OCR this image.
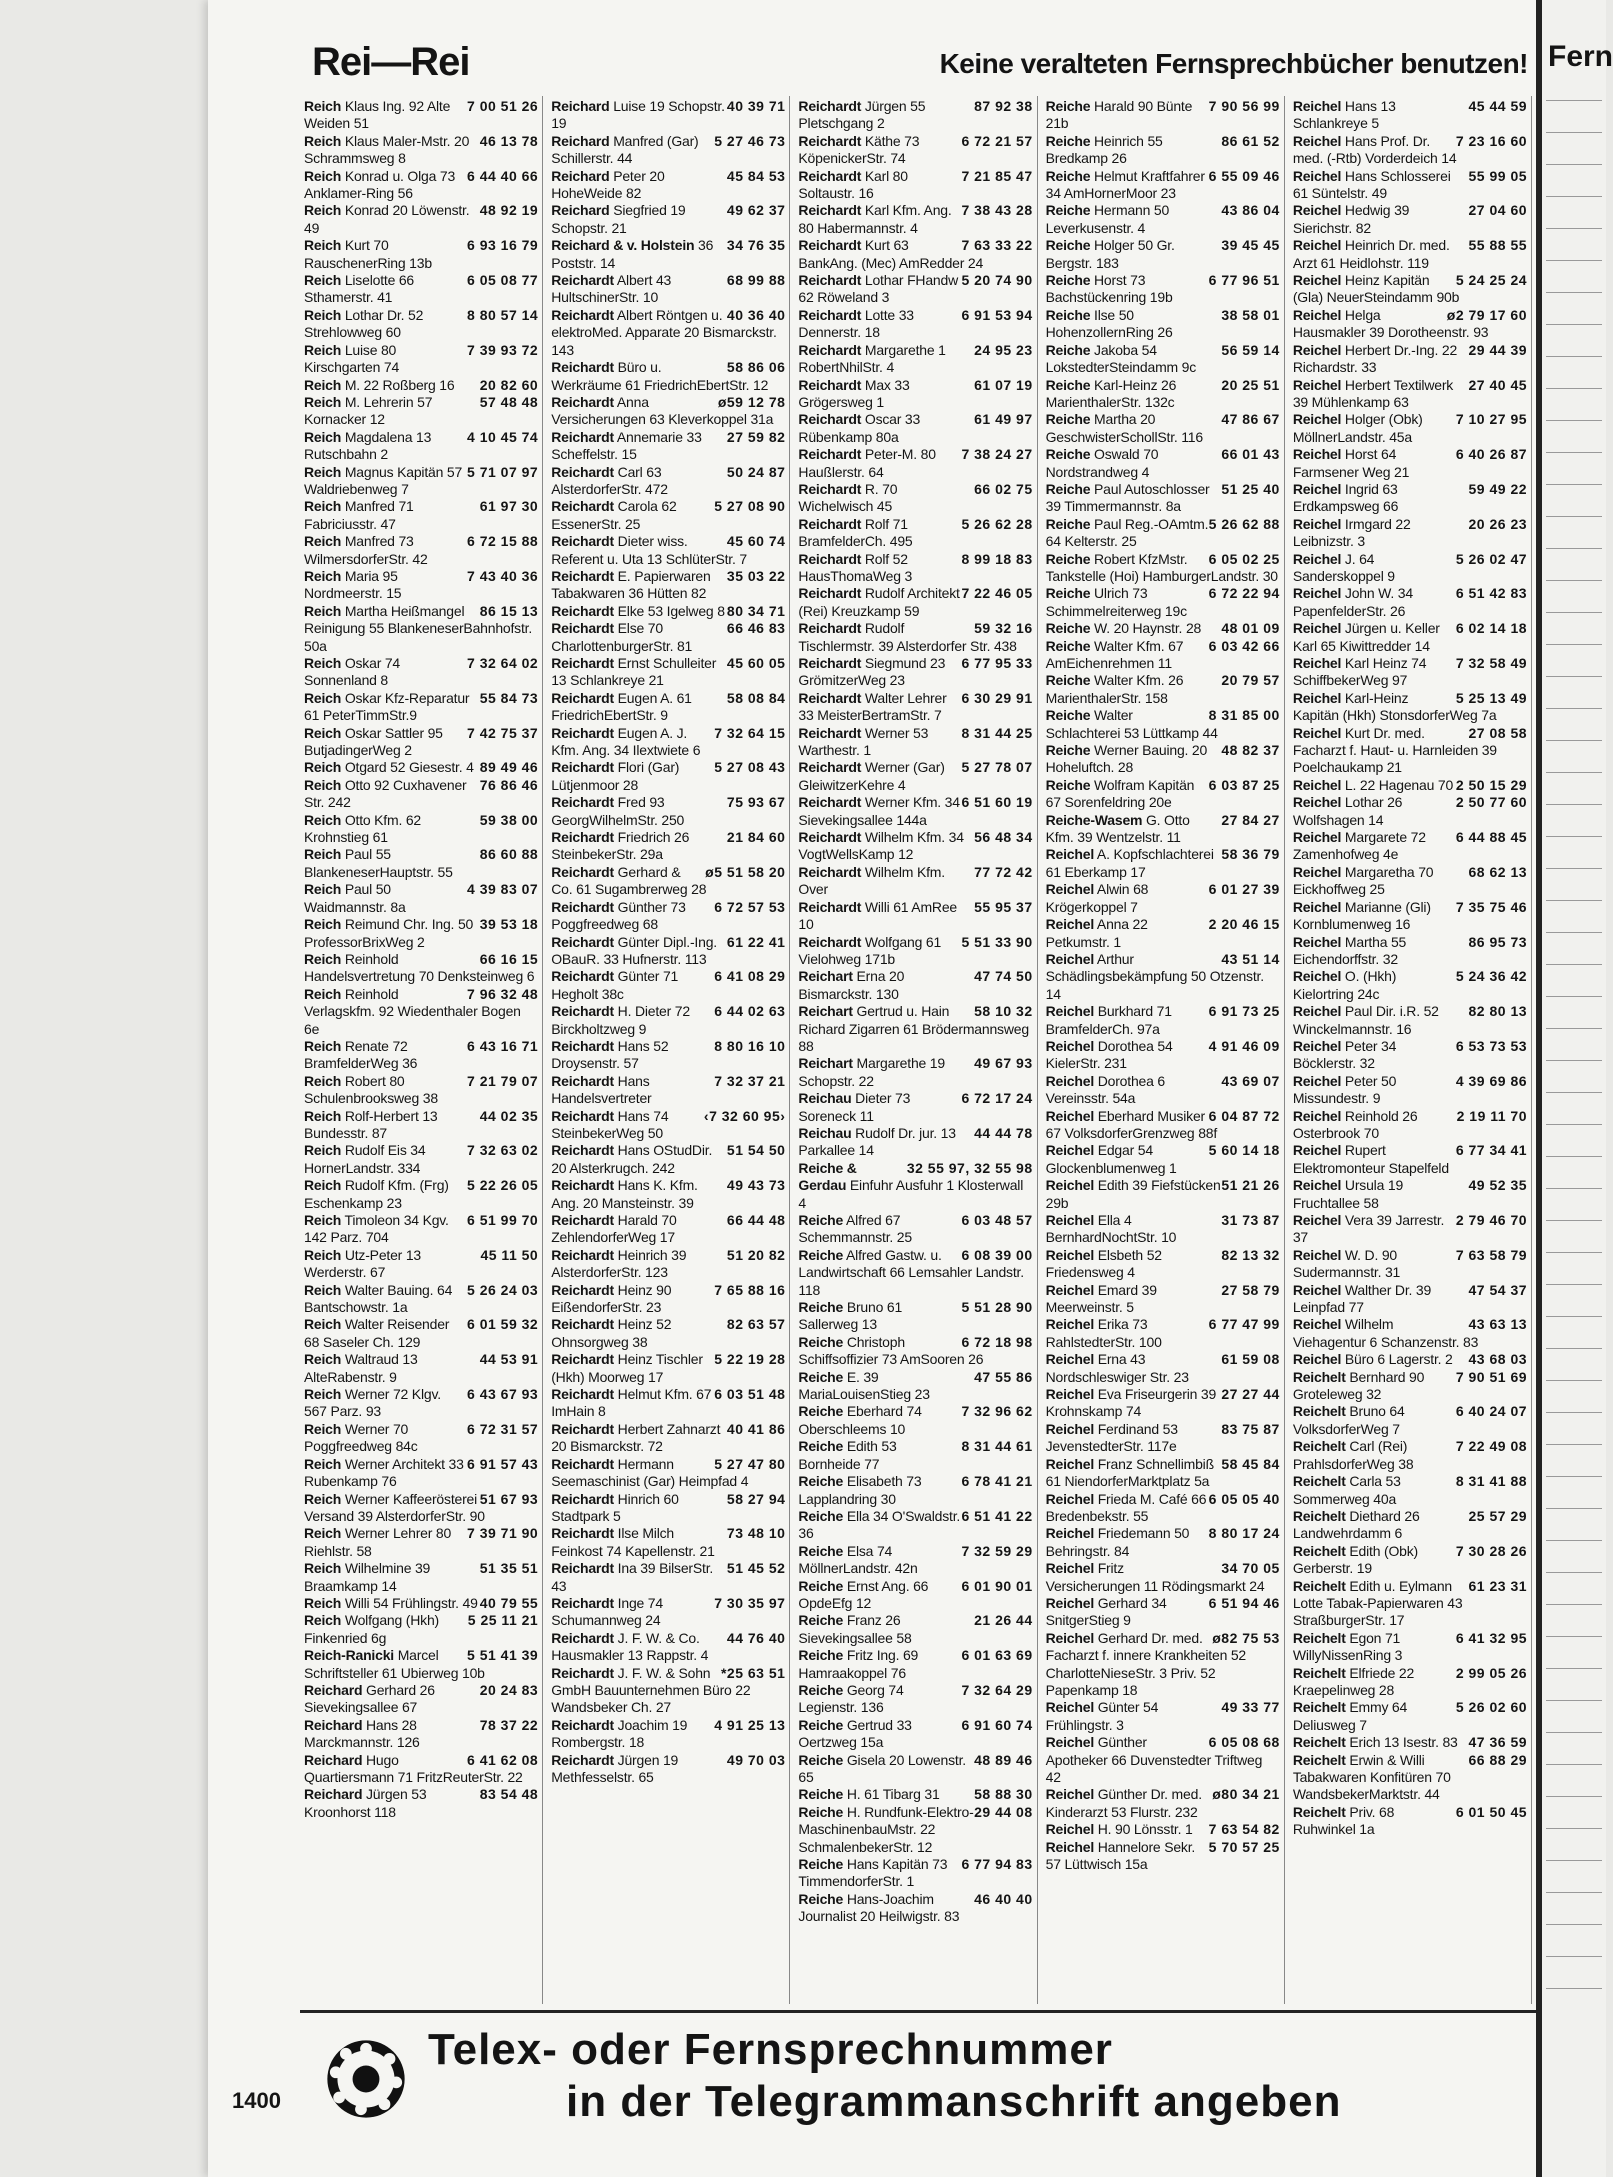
Rei—Rei	Keine veralteten Fernsprechbücher benutzen!
7 00 51 26
Reich Klaus Ing. 92 Alte Weiden 51
46 13 78
Reich Klaus Maler-Mstr. 20 Schrammsweg 8
6 44 40 66
Reich Konrad u. Olga 73 Anklamer-Ring 56
48 92 19
Reich Konrad 20 Löwenstr. 49
6 93 16 79
Reich Kurt 70 RauschenerRing 13b
6 05 08 77
Reich Liselotte 66 Sthamerstr. 41
8 80 57 14
Reich Lothar Dr. 52 Strehlowweg 60
7 39 93 72
Reich Luise 80 Kirschgarten 74
20 82 60
Reich M. 22 Roßberg 16
57 48 48
Reich M. Lehrerin 57 Kornacker 12
4 10 45 74
Reich Magdalena 13 Rutschbahn 2
5 71 07 97
Reich Magnus Kapitän 57 Waldriebenweg 7
61 97 30
Reich Manfred 71 Fabriciusstr. 47
6 72 15 88
Reich Manfred 73 WilmersdorferStr. 42
7 43 40 36
Reich Maria 95 Nordmeerstr. 15
86 15 13
Reich Martha Heißmangel Reinigung 55 BlankeneserBahnhofstr. 50a
7 32 64 02
Reich Oskar 74 Sonnenland 8
55 84 73
Reich Oskar Kfz-Reparatur 61 PeterTimmStr.9
7 42 75 37
Reich Oskar Sattler 95 ButjadingerWeg 2
89 49 46
Reich Otgard 52 Giesestr. 4
76 86 46
Reich Otto 92 Cuxhavener Str. 242
59 38 00
Reich Otto Kfm. 62 Krohnstieg 61
86 60 88
Reich Paul 55 BlankeneserHauptstr. 55
4 39 83 07
Reich Paul 50 Waidmannstr. 8a
39 53 18
Reich Reimund Chr. Ing. 50 ProfessorBrixWeg 2
66 16 15
Reich Reinhold Handelsvertretung 70 Denksteinweg 6
7 96 32 48
Reich Reinhold Verlagskfm. 92 Wiedenthaler Bogen 6e
6 43 16 71
Reich Renate 72 BramfelderWeg 36
7 21 79 07
Reich Robert 80 Schulenbrooksweg 38
44 02 35
Reich Rolf-Herbert 13 Bundesstr. 87
7 32 63 02
Reich Rudolf Eis 34 HornerLandstr. 334
5 22 26 05
Reich Rudolf Kfm. (Frg) Eschenkamp 23
6 51 99 70
Reich Timoleon 34 Kgv. 142 Parz. 704
45 11 50
Reich Utz-Peter 13 Werderstr. 67
5 26 24 03
Reich Walter Bauing. 64 Bantschowstr. 1a
6 01 59 32
Reich Walter Reisender 68 Saseler Ch. 129
44 53 91
Reich Waltraud 13 AlteRabenstr. 9
6 43 67 93
Reich Werner 72 Klgv. 567 Parz. 93
6 72 31 57
Reich Werner 70 Poggfreedweg 84c
6 91 57 43
Reich Werner Architekt 33 Rubenkamp 76
51 67 93
Reich Werner Kaffeerösterei Versand 39 AlsterdorferStr. 90
7 39 71 90
Reich Werner Lehrer 80 Riehlstr. 58
51 35 51
Reich Wilhelmine 39 Braamkamp 14
40 79 55
Reich Willi 54 Frühlingstr. 49
5 25 11 21
Reich Wolfgang (Hkh) Finkenried 6g
5 51 41 39
Reich-Ranicki Marcel Schriftsteller 61 Ubierweg 10b
20 24 83
Reichard Gerhard 26 Sievekingsallee 67
78 37 22
Reichard Hans 28 Marckmannstr. 126
6 41 62 08
Reichard Hugo Quartiersmann 71 FritzReuterStr. 22
83 54 48
Reichard Jürgen 53 Kroonhorst 118
40 39 71
Reichard Luise 19 Schopstr. 19
5 27 46 73
Reichard Manfred (Gar) Schillerstr. 44
45 84 53
Reichard Peter 20 HoheWeide 82
49 62 37
Reichard Siegfried 19 Schopstr. 21
34 76 35
Reichard & v. Holstein 36 Poststr. 14
68 99 88
Reichardt Albert 43 HultschinerStr. 10
40 36 40
Reichardt Albert Röntgen u. elektroMed. Apparate 20 Bismarckstr. 143
58 86 06
Reichardt Büro u. Werkräume 61 FriedrichEbertStr. 12
ø59 12 78
Reichardt Anna Versicherungen 63 Kleverkoppel 31a
27 59 82
Reichardt Annemarie 33 Scheffelstr. 15
50 24 87
Reichardt Carl 63 AlsterdorferStr. 472
5 27 08 90
Reichardt Carola 62 EssenerStr. 25
45 60 74
Reichardt Dieter wiss. Referent u. Uta 13 SchlüterStr. 7
35 03 22
Reichardt E. Papierwaren Tabakwaren 36 Hütten 82
80 34 71
Reichardt Elke 53 Igelweg 8
66 46 83
Reichardt Else 70 CharlottenburgerStr. 81
45 60 05
Reichardt Ernst Schulleiter 13 Schlankreye 21
58 08 84
Reichardt Eugen A. 61 FriedrichEbertStr. 9
7 32 64 15
Reichardt Eugen A. J. Kfm. Ang. 34 Ilextwiete 6
5 27 08 43
Reichardt Flori (Gar) Lütjenmoor 28
75 93 67
Reichardt Fred 93 GeorgWilhelmStr. 250
21 84 60
Reichardt Friedrich 26 SteinbekerStr. 29a
ø5 51 58 20
Reichardt Gerhard & Co. 61 Sugambrerweg 28
6 72 57 53
Reichardt Günther 73 Poggfreedweg 68
61 22 41
Reichardt Günter Dipl.-Ing. OBauR. 33 Hufnerstr. 113
6 41 08 29
Reichardt Günter 71 Hegholt 38c
6 44 02 63
Reichardt H. Dieter 72 Birckholtzweg 9
8 80 16 10
Reichardt Hans 52 Droysenstr. 57
7 32 37 21
Reichardt Hans Handelsvertreter
‹7 32 60 95›
Reichardt Hans 74 SteinbekerWeg 50
51 54 50
Reichardt Hans OStudDir. 20 Alsterkrugch. 242
49 43 73
Reichardt Hans K. Kfm. Ang. 20 Mansteinstr. 39
66 44 48
Reichardt Harald 70 ZehlendorferWeg 17
51 20 82
Reichardt Heinrich 39 AlsterdorferStr. 123
7 65 88 16
Reichardt Heinz 90 EißendorferStr. 23
82 63 57
Reichardt Heinz 52 Ohnsorgweg 38
5 22 19 28
Reichardt Heinz Tischler (Hkh) Moorweg 17
6 03 51 48
Reichardt Helmut Kfm. 67 ImHain 8
40 41 86
Reichardt Herbert Zahnarzt 20 Bismarckstr. 72
5 27 47 80
Reichardt Hermann Seemaschinist (Gar) Heimpfad 4
58 27 94
Reichardt Hinrich 60 Stadtpark 5
73 48 10
Reichardt Ilse Milch Feinkost 74 Kapellenstr. 21
51 45 52
Reichardt Ina 39 BilserStr. 43
7 30 35 97
Reichardt Inge 74 Schumannweg 24
44 76 40
Reichardt J. F. W. & Co. Hausmakler 13 Rappstr. 4
*25 63 51
Reichardt J. F. W. & Sohn GmbH Bauunternehmen Büro 22 Wandsbeker Ch. 27
4 91 25 13
Reichardt Joachim 19 Rombergstr. 18
49 70 03
Reichardt Jürgen 19 Methfesselstr. 65
87 92 38
Reichardt Jürgen 55 Pletschgang 2
6 72 21 57
Reichardt Käthe 73 KöpenickerStr. 74
7 21 85 47
Reichardt Karl 80 Soltaustr. 16
7 38 43 28
Reichardt Karl Kfm. Ang. 80 Habermannstr. 4
7 63 33 22
Reichardt Kurt 63 BankAng. (Mec) AmRedder 24
5 20 74 90
Reichardt Lothar FHandw 62 Röweland 3
6 91 53 94
Reichardt Lotte 33 Dennerstr. 18
24 95 23
Reichardt Margarethe 1 RobertNhilStr. 4
61 07 19
Reichardt Max 33 Grögersweg 1
61 49 97
Reichardt Oscar 33 Rübenkamp 80a
7 38 24 27
Reichardt Peter-M. 80 Haußlerstr. 64
66 02 75
Reichardt R. 70 Wichelwisch 45
5 26 62 28
Reichardt Rolf 71 BramfelderCh. 495
8 99 18 83
Reichardt Rolf 52 HausThomaWeg 3
7 22 46 05
Reichardt Rudolf Architekt (Rei) Kreuzkamp 59
59 32 16
Reichardt Rudolf Tischlermstr. 39 Alsterdorfer Str. 438
6 77 95 33
Reichardt Siegmund 23 GrömitzerWeg 23
6 30 29 91
Reichardt Walter Lehrer 33 MeisterBertramStr. 7
8 31 44 25
Reichardt Werner 53 Warthestr. 1
5 27 78 07
Reichardt Werner (Gar) GleiwitzerKehre 4
6 51 60 19
Reichardt Werner Kfm. 34 Sievekingsallee 144a
56 48 34
Reichardt Wilhelm Kfm. 34 VogtWellsKamp 12
77 72 42
Reichardt Wilhelm Kfm. Over
55 95 37
Reichardt Willi 61 AmRee 10
5 51 33 90
Reichardt Wolfgang 61 Vielohweg 171b
47 74 50
Reichart Erna 20 Bismarckstr. 130
58 10 32
Reichart Gertrud u. Hain Richard Zigarren 61 Brödermannsweg 88
49 67 93
Reichart Margarethe 19 Schopstr. 22
6 72 17 24
Reichau Dieter 73 Soreneck 11
44 44 78
Reichau Rudolf Dr. jur. 13 Parkallee 14
32 55 97, 32 55 98
Reiche & Gerdau Einfuhr Ausfuhr 1 Klosterwall 4
6 03 48 57
Reiche Alfred 67 Schemmannstr. 25
6 08 39 00
Reiche Alfred Gastw. u. Landwirtschaft 66 Lemsahler Landstr. 118
5 51 28 90
Reiche Bruno 61 Sallerweg 13
6 72 18 98
Reiche Christoph Schiffsoffizier 73 AmSooren 26
47 55 86
Reiche E. 39 MariaLouisenStieg 23
7 32 96 62
Reiche Eberhard 74 Oberschleems 10
8 31 44 61
Reiche Edith 53 Bornheide 77
6 78 41 21
Reiche Elisabeth 73 Lapplandring 30
6 51 41 22
Reiche Ella 34 O'Swaldstr. 36
7 32 59 29
Reiche Elsa 74 MöllnerLandstr. 42n
6 01 90 01
Reiche Ernst Ang. 66 OpdeEfg 12
21 26 44
Reiche Franz 26 Sievekingsallee 58
6 01 63 69
Reiche Fritz Ing. 69 Hamraakoppel 76
7 32 64 29
Reiche Georg 74 Legienstr. 136
6 91 60 74
Reiche Gertrud 33 Oertzweg 15a
48 89 46
Reiche Gisela 20 Lowenstr. 65
58 88 30
Reiche H. 61 Tibarg 31
29 44 08
Reiche H. Rundfunk-Elektro-MaschinenbauMstr. 22 SchmalenbekerStr. 12
6 77 94 83
Reiche Hans Kapitän 73 TimmendorferStr. 1
46 40 40
Reiche Hans-Joachim Journalist 20 Heilwigstr. 83
7 90 56 99
Reiche Harald 90 Bünte 21b
86 61 52
Reiche Heinrich 55 Bredkamp 26
6 55 09 46
Reiche Helmut Kraftfahrer 34 AmHornerMoor 23
43 86 04
Reiche Hermann 50 Leverkusenstr. 4
39 45 45
Reiche Holger 50 Gr. Bergstr. 183
6 77 96 51
Reiche Horst 73 Bachstückenring 19b
38 58 01
Reiche Ilse 50 HohenzollernRing 26
56 59 14
Reiche Jakoba 54 LokstedterSteindamm 9c
20 25 51
Reiche Karl-Heinz 26 MarienthalerStr. 132c
47 86 67
Reiche Martha 20 GeschwisterSchollStr. 116
66 01 43
Reiche Oswald 70 Nordstrandweg 4
51 25 40
Reiche Paul Autoschlosser 39 Timmermannstr. 8a
5 26 62 88
Reiche Paul Reg.-OAmtm. 64 Kelterstr. 25
6 05 02 25
Reiche Robert KfzMstr. Tankstelle (Hoi) HamburgerLandstr. 30
6 72 22 94
Reiche Ulrich 73 Schimmelreiterweg 19c
48 01 09
Reiche W. 20 Haynstr. 28
6 03 42 66
Reiche Walter Kfm. 67 AmEichenrehmen 11
20 79 57
Reiche Walter Kfm. 26 MarienthalerStr. 158
8 31 85 00
Reiche Walter Schlachterei 53 Lüttkamp 44
48 82 37
Reiche Werner Bauing. 20 Hoheluftch. 28
6 03 87 25
Reiche Wolfram Kapitän 67 Sorenfeldring 20e
27 84 27
Reiche-Wasem G. Otto Kfm. 39 Wentzelstr. 11
58 36 79
Reichel A. Kopfschlachterei 61 Eberkamp 17
6 01 27 39
Reichel Alwin 68 Krögerkoppel 7
2 20 46 15
Reichel Anna 22 Petkumstr. 1
43 51 14
Reichel Arthur Schädlingsbekämpfung 50 Otzenstr. 14
6 91 73 25
Reichel Burkhard 71 BramfelderCh. 97a
4 91 46 09
Reichel Dorothea 54 KielerStr. 231
43 69 07
Reichel Dorothea 6 Vereinsstr. 54a
6 04 87 72
Reichel Eberhard Musiker 67 VolksdorferGrenzweg 88f
5 60 14 18
Reichel Edgar 54 Glockenblumenweg 1
51 21 26
Reichel Edith 39 Fiefstücken 29b
31 73 87
Reichel Ella 4 BernhardNochtStr. 10
82 13 32
Reichel Elsbeth 52 Friedensweg 4
27 58 79
Reichel Emard 39 Meerweinstr. 5
6 77 47 99
Reichel Erika 73 RahlstedterStr. 100
61 59 08
Reichel Erna 43 Nordschleswiger Str. 23
27 27 44
Reichel Eva Friseurgerin 39 Krohnskamp 74
83 75 87
Reichel Ferdinand 53 JevenstedterStr. 117e
58 45 84
Reichel Franz Schnellimbiß 61 NiendorferMarktplatz 5a
6 05 05 40
Reichel Frieda M. Café 66 Bredenbekstr. 55
8 80 17 24
Reichel Friedemann 50 Behringstr. 84
34 70 05
Reichel Fritz Versicherungen 11 Rödingsmarkt 24
6 51 94 46
Reichel Gerhard 34 SnitgerStieg 9
ø82 75 53
Reichel Gerhard Dr. med. Facharzt f. innere Krankheiten 52 CharlotteNieseStr. 3 Priv. 52 Papenkamp 18
49 33 77
Reichel Günter 54 Frühlingstr. 3
6 05 08 68
Reichel Günther Apotheker 66 Duvenstedter Triftweg 42
ø80 34 21
Reichel Günther Dr. med. Kinderarzt 53 Flurstr. 232
7 63 54 82
Reichel H. 90 Lönsstr. 1
5 70 57 25
Reichel Hannelore Sekr. 57 Lüttwisch 15a
45 44 59
Reichel Hans 13 Schlankreye 5
7 23 16 60
Reichel Hans Prof. Dr. med. (-Rtb) Vorderdeich 14
55 99 05
Reichel Hans Schlosserei 61 Süntelstr. 49
27 04 60
Reichel Hedwig 39 Sierichstr. 82
55 88 55
Reichel Heinrich Dr. med. Arzt 61 Heidlohstr. 119
5 24 25 24
Reichel Heinz Kapitän (Gla) NeuerSteindamm 90b
ø2 79 17 60
Reichel Helga Hausmakler 39 Dorotheenstr. 93
29 44 39
Reichel Herbert Dr.-Ing. 22 Richardstr. 33
27 40 45
Reichel Herbert Textilwerk 39 Mühlenkamp 63
7 10 27 95
Reichel Holger (Obk) MöllnerLandstr. 45a
6 40 26 87
Reichel Horst 64 Farmsener Weg 21
59 49 22
Reichel Ingrid 63 Erdkampsweg 66
20 26 23
Reichel Irmgard 22 Leibnizstr. 3
5 26 02 47
Reichel J. 64 Sanderskoppel 9
6 51 42 83
Reichel John W. 34 PapenfelderStr. 26
6 02 14 18
Reichel Jürgen u. Keller Karl 65 Kiwittredder 14
7 32 58 49
Reichel Karl Heinz 74 SchiffbekerWeg 97
5 25 13 49
Reichel Karl-Heinz Kapitän (Hkh) StonsdorferWeg 7a
27 08 58
Reichel Kurt Dr. med. Facharzt f. Haut- u. Harnleiden 39 Poelchaukamp 21
2 50 15 29
Reichel L. 22 Hagenau 70
2 50 77 60
Reichel Lothar 26 Wolfshagen 14
6 44 88 45
Reichel Margarete 72 Zamenhofweg 4e
68 62 13
Reichel Margaretha 70 Eickhoffweg 25
7 35 75 46
Reichel Marianne (Gli) Kornblumenweg 16
86 95 73
Reichel Martha 55 Eichendorffstr. 32
5 24 36 42
Reichel O. (Hkh) Kielortring 24c
82 80 13
Reichel Paul Dir. i.R. 52 Winckelmannstr. 16
6 53 73 53
Reichel Peter 34 Böcklerstr. 32
4 39 69 86
Reichel Peter 50 Missundestr. 9
2 19 11 70
Reichel Reinhold 26 Osterbrook 70
6 77 34 41
Reichel Rupert Elektromonteur Stapelfeld
49 52 35
Reichel Ursula 19 Fruchtallee 58
2 79 46 70
Reichel Vera 39 Jarrestr. 37
7 63 58 79
Reichel W. D. 90 Sudermannstr. 31
47 54 37
Reichel Walther Dr. 39 Leinpfad 77
43 63 13
Reichel Wilhelm Viehagentur 6 Schanzenstr. 83
43 68 03
Reichel Büro 6 Lagerstr. 2
7 90 51 69
Reichelt Bernhard 90 Groteleweg 32
6 40 24 07
Reichelt Bruno 64 VolksdorferWeg 7
7 22 49 08
Reichelt Carl (Rei) PrahlsdorferWeg 38
8 31 41 88
Reichelt Carla 53 Sommerweg 40a
25 57 29
Reichelt Diethard 26 Landwehrdamm 6
7 30 28 26
Reichelt Edith (Obk) Gerberstr. 19
61 23 31
Reichelt Edith u. Eylmann Lotte Tabak-Papierwaren 43 StraßburgerStr. 17
6 41 32 95
Reichelt Egon 71 WillyNissenRing 3
2 99 05 26
Reichelt Elfriede 22 Kraepelinweg 28
5 26 02 60
Reichelt Emmy 64 Deliusweg 7
47 36 59
Reichelt Erich 13 Isestr. 83
66 88 29
Reichelt Erwin & Willi Tabakwaren Konfitüren 70 WandsbekerMarktstr. 44
6 01 50 45
Reichelt Priv. 68 Ruhwinkel 1a
Telex- oder Fernsprechnummer
in der Telegrammanschrift angeben
1400
Fern
